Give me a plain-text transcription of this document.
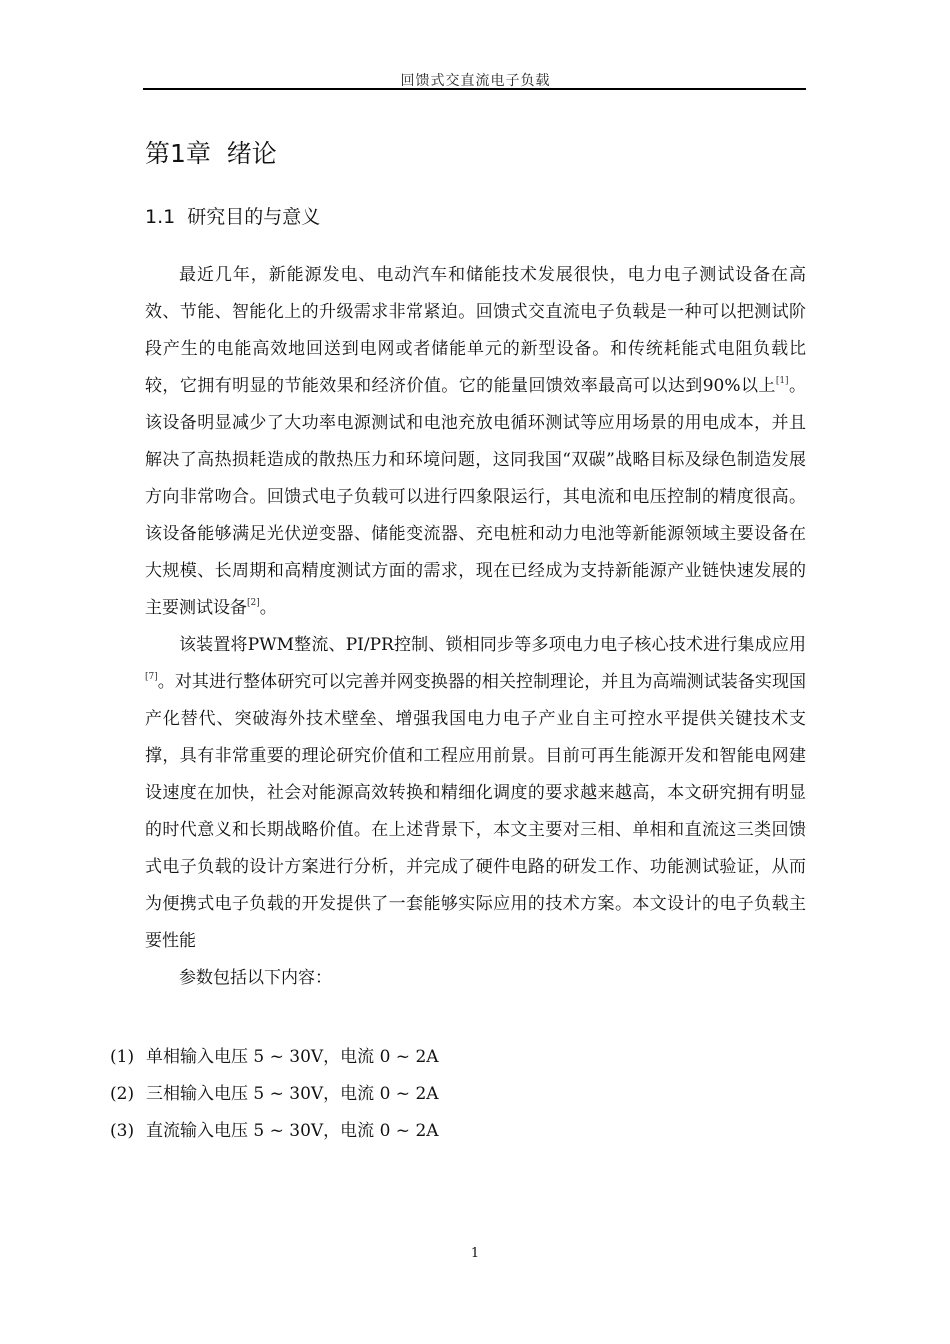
回馈式交直流电子负载
第1章  绪论
1.1  研究目的与意义

最近几年，新能源发电、电动汽车和储能技术发展很快，电力电子测试设备在高效、节能、智能化上的升级需求非常紧迫。回馈式交直流电子负载是一种可以把测试阶段产生的电能高效地回送到电网或者储能单元的新型设备。和传统耗能式电阻负载比较，它拥有明显的节能效果和经济价值。它的能量回馈效率最高可以达到90%以上[1]。该设备明显减少了大功率电源测试和电池充放电循环测试等应用场景的用电成本，并且解决了高热损耗造成的散热压力和环境问题，这同我国“双碳”战略目标及绿色制造发展方向非常吻合。回馈式电子负载可以进行四象限运行，其电流和电压控制的精度很高。该设备能够满足光伏逆变器、储能变流器、充电桩和动力电池等新能源领域主要设备在大规模、长周期和高精度测试方面的需求，现在已经成为支持新能源产业链快速发展的主要测试设备[2]。

该装置将PWM整流、PI/PR控制、锁相同步等多项电力电子核心技术进行集成应用[7]。对其进行整体研究可以完善并网变换器的相关控制理论，并且为高端测试装备实现国产化替代、突破海外技术壁垒、增强我国电力电子产业自主可控水平提供关键技术支撑，具有非常重要的理论研究价值和工程应用前景。目前可再生能源开发和智能电网建设速度在加快，社会对能源高效转换和精细化调度的要求越来越高，本文研究拥有明显的时代意义和长期战略价值。在上述背景下，本文主要对三相、单相和直流这三类回馈式电子负载的设计方案进行分析，并完成了硬件电路的研发工作、功能测试验证，从而为便携式电子负载的开发提供了一套能够实际应用的技术方案。本文设计的电子负载主要性能

参数包括以下内容：

(1) 单相输入电压 5 ~ 30V，电流 0 ~ 2A
(2) 三相输入电压 5 ~ 30V，电流 0 ~ 2A
(3) 直流输入电压 5 ~ 30V，电流 0 ~ 2A
1
